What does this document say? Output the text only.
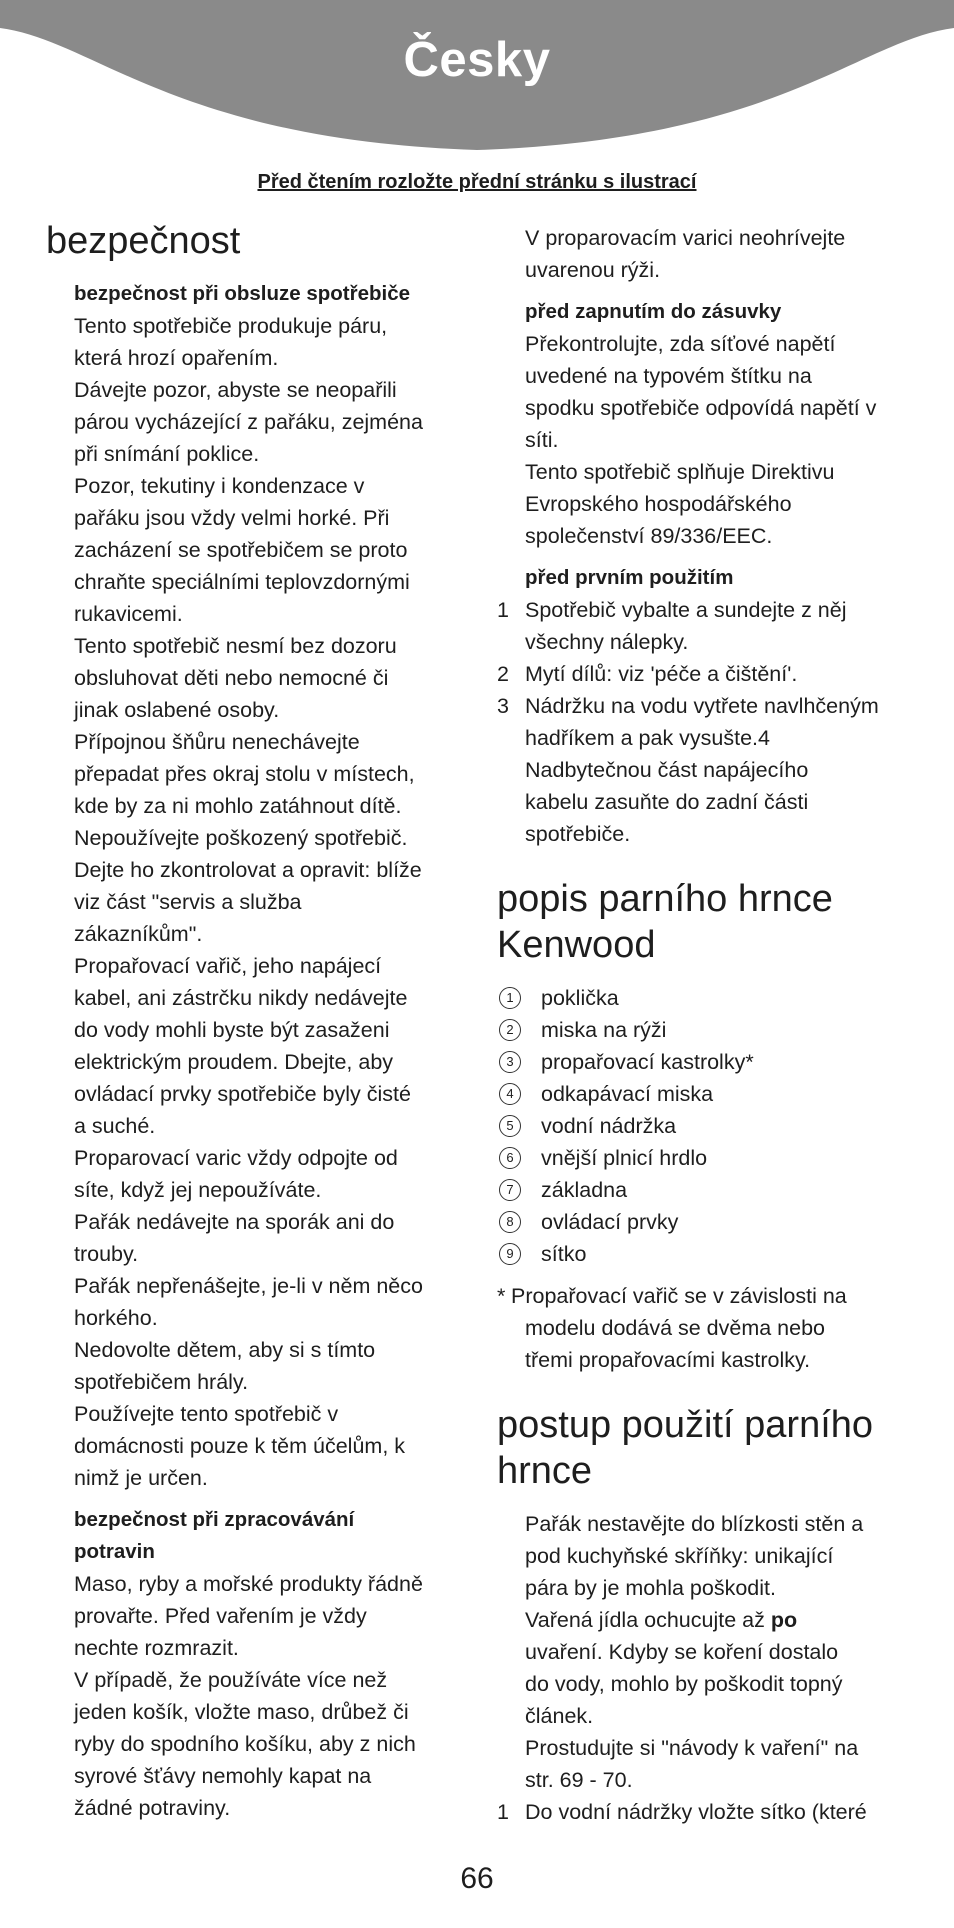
Česky
Před čtením rozložte přední stránku s ilustrací
bezpečnost
bezpečnost při obsluze spotřebiče
Tento spotřebiče produkuje páru,
která hrozí opařením.
Dávejte pozor, abyste se neopařili
párou vycházející z pařáku, zejména
při snímání poklice.
Pozor, tekutiny i kondenzace v
pařáku jsou vždy velmi horké. Při
zacházení se spotřebičem se proto
chraňte speciálními teplovzdornými
rukavicemi.
Tento spotřebič nesmí bez dozoru
obsluhovat děti nebo nemocné či
jinak oslabené osoby.
Přípojnou šňůru nenechávejte
přepadat přes okraj stolu v místech,
kde by za ni mohlo zatáhnout dítě.
Nepoužívejte poškozený spotřebič.
Dejte ho zkontrolovat a opravit: blíže
viz část "servis a služba
zákazníkům".
Propařovací vařič, jeho napájecí
kabel, ani zástrčku nikdy nedávejte
do vody mohli byste být zasaženi
elektrickým proudem. Dbejte, aby
ovládací prvky spotřebiče byly čisté
a suché.
Proparovací varic vždy odpojte od
síte, když jej nepoužíváte.
Pařák nedávejte na sporák ani do
trouby.
Pařák nepřenášejte, je-li v něm něco
horkého.
Nedovolte dětem, aby si s tímto
spotřebičem hrály.
Používejte tento spotřebič v
domácnosti pouze k těm účelům, k
nimž je určen.
bezpečnost při zpracovávání
potravin
Maso, ryby a mořské produkty řádně
provařte. Před vařením je vždy
nechte rozmrazit.
V případě, že používáte více než
jeden košík, vložte maso, drůbež či
ryby do spodního košíku, aby z nich
syrové šťávy nemohly kapat na
žádné potraviny.
V proparovacím varici neohrívejte
uvarenou rýži.
před zapnutím do zásuvky
Překontrolujte, zda síťové napětí
uvedené na typovém štítku na
spodku spotřebiče odpovídá napětí v
síti.
Tento spotřebič splňuje Direktivu
Evropského hospodářského
společenství 89/336/EEC.
před prvním použitím
1 Spotřebič vybalte a sundejte z něj
všechny nálepky.
2 Mytí dílů: viz 'péče a čištění'.
3 Nádržku na vodu vytřete navlhčeným
hadříkem a pak vysušte.4
Nadbytečnou část napájecího
kabelu zasuňte do zadní části
spotřebiče.
popis parního hrnce
Kenwood
1	poklička
2	miska na rýži
3	propařovací kastrolky*
4	odkapávací miska
5	vodní nádržka
6	vnější plnicí hrdlo
7	základna
8	ovládací prvky
9	sítko
* Propařovací vařič se v závislosti na
modelu dodává se dvěma nebo
třemi propařovacími kastrolky.
postup použití parního
hrnce
Pařák nestavějte do blízkosti stěn a
pod kuchyňské skříňky: unikající
pára by je mohla poškodit.
Vařená jídla ochucujte až po
uvaření. Kdyby se koření dostalo
do vody, mohlo by poškodit topný
článek.
Prostudujte si "návody k vaření" na
str. 69 - 70.
1 Do vodní nádržky vložte sítko (které
66
